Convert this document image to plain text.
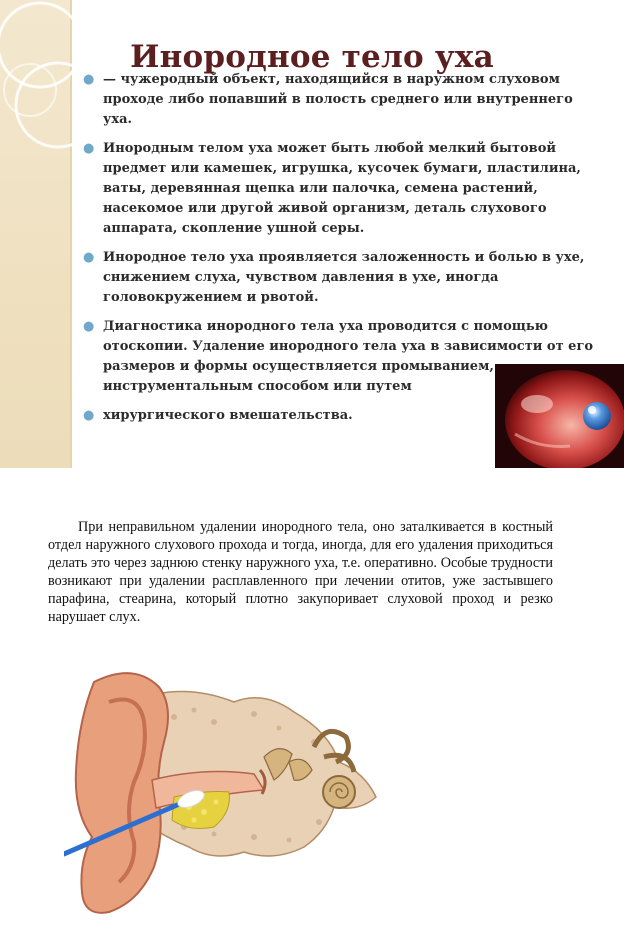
Инородное тело уха
● — чужеродный объект, находящийся в наружном слуховом проходе либо попавший в полость среднего или внутреннего уха.
● Инородным телом уха может быть любой мелкий бытовой предмет или камешек, игрушка, кусочек бумаги, пластилина, ваты, деревянная щепка или палочка, семена растений, насекомое или другой живой организм, деталь слухового аппарата, скопление ушной серы.
● Инородное тело уха проявляется заложенность и болью в ухе, снижением слуха, чувством давления в ухе, иногда головокружением и рвотой.
● Диагностика инородного тела уха проводится с помощью отоскопии. Удаление инородного тела уха в зависимости от его размеров и формы осуществляется промыванием, инструментальным способом или путем
● хирургического вмешательства.

При неправильном удалении инородного тела, оно заталкивается в костный отдел наружного слухового прохода и тогда, иногда, для его удаления приходиться делать это через заднюю стенку наружного уха, т.е. оперативно. Особые трудности возникают при удалении расплавленного при лечении отитов, уже застывшего парафина, стеарина, который плотно закупоривает слуховой проход и резко нарушает слух.
